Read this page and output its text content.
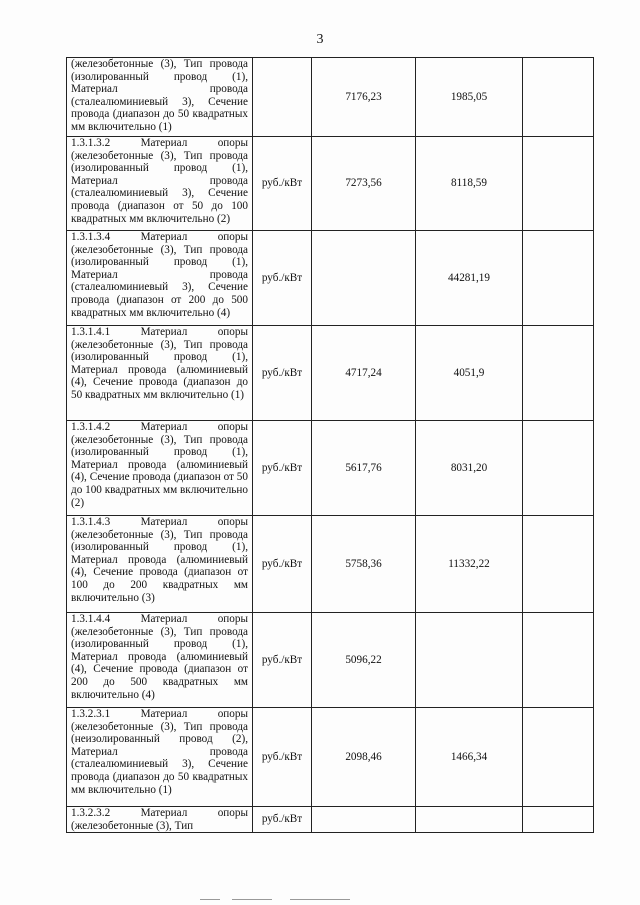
3
(железобетонные (3), Тип провода (изолированный провод (1), Материал провода (сталеалюминиевый 3), Сечение провода (диапазон до 50 квадратных мм включительно (1)		7176,23	1985,05	

1.3.1.3.2 Материал опоры (железобетонные (3), Тип провода (изолированный провод (1), Материал провода (сталеалюминиевый 3), Сечение провода (диапазон от 50 до 100 квадратных мм включительно (2)	руб./кВт	7273,56	8118,59	

1.3.1.3.4 Материал опоры (железобетонные (3), Тип провода (изолированный провод (1), Материал провода (сталеалюминиевый 3), Сечение провода (диапазон от 200 до 500 квадратных мм включительно (4)	руб./кВт		44281,19	

1.3.1.4.1 Материал опоры (железобетонные (3), Тип провода (изолированный провод (1), Материал провода (алюминиевый (4), Сечение провода (диапазон до 50 квадратных мм включительно (1)	руб./кВт	4717,24	4051,9	

1.3.1.4.2 Материал опоры (железобетонные (3), Тип провода (изолированный провод (1), Материал провода (алюминиевый (4), Сечение провода (диапазон от 50 до 100 квадратных мм включительно (2)	руб./кВт	5617,76	8031,20	

1.3.1.4.3 Материал опоры (железобетонные (3), Тип провода (изолированный провод (1), Материал провода (алюминиевый (4), Сечение провода (диапазон от 100 до 200 квадратных мм включительно (3)	руб./кВт	5758,36	11332,22	

1.3.1.4.4 Материал опоры (железобетонные (3), Тип провода (изолированный провод (1), Материал провода (алюминиевый (4), Сечение провода (диапазон от 200 до 500 квадратных мм включительно (4)	руб./кВт	5096,22		

1.3.2.3.1 Материал опоры (железобетонные (3), Тип провода (неизолированный провод (2), Материал провода (сталеалюминиевый 3), Сечение провода (диапазон до 50 квадратных мм включительно (1)	руб./кВт	2098,46	1466,34	

1.3.2.3.2 Материал опоры (железобетонные (3), Тип	руб./кВт			
